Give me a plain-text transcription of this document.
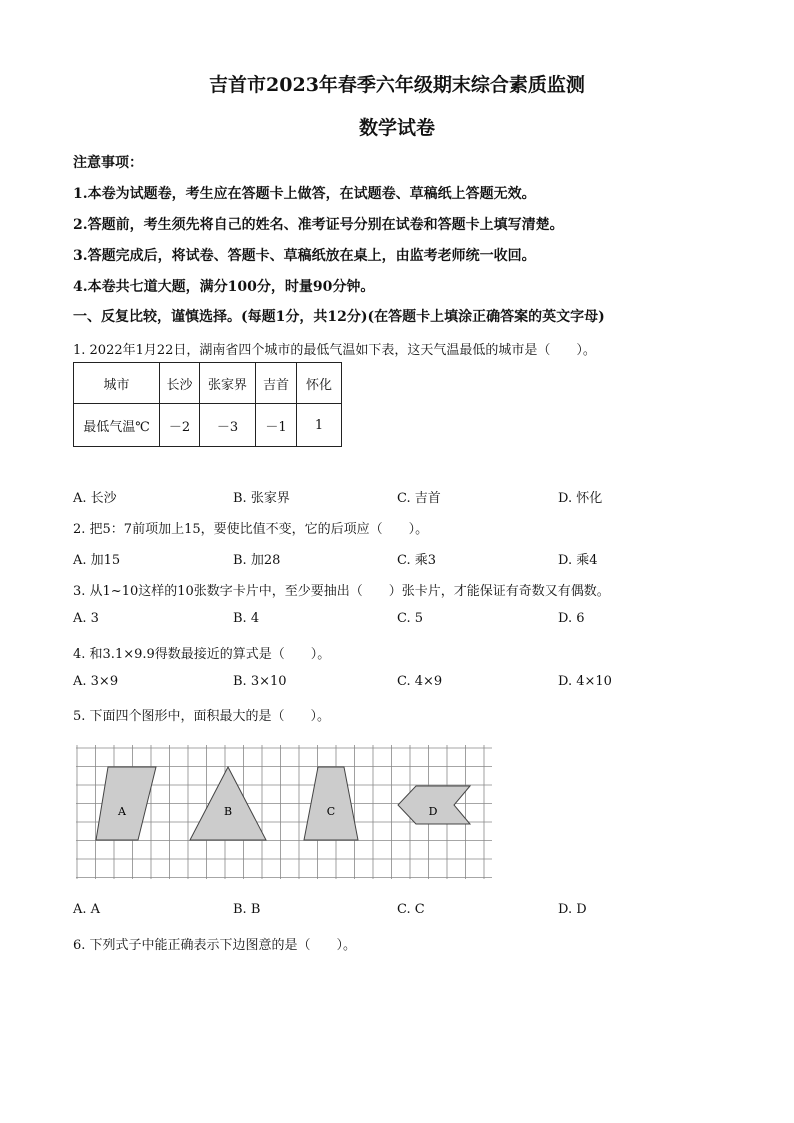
吉首市2023年春季六年级期末综合素质监测
数学试卷
注意事项：
1.本卷为试题卷，考生应在答题卡上做答，在试题卷、草稿纸上答题无效。
2.答题前，考生须先将自己的姓名、准考证号分别在试卷和答题卡上填写清楚。
3.答题完成后，将试卷、答题卡、草稿纸放在桌上，由监考老师统一收回。
4.本卷共七道大题，满分100分，时量90分钟。
一、反复比较，谨慎选择。(每题1分，共12分)(在答题卡上填涂正确答案的英文字母)
1. 2022年1月22日，湖南省四个城市的最低气温如下表，这天气温最低的城市是（　　）。
城市	长沙	张家界	吉首	怀化
最低气温℃	－2	－3	－1	1
A. 长沙	B. 张家界	C. 吉首	D. 怀化
2. 把5：7前项加上15，要使比值不变，它的后项应（　　）。
A. 加15	B. 加28	C. 乘3	D. 乘4
3. 从1~10这样的10张数字卡片中，至少要抽出（　　）张卡片，才能保证有奇数又有偶数。
A. 3	B. 4	C. 5	D. 6
4. 和3.1×9.9得数最接近的算式是（　　）。
A. 3×9	B. 3×10	C. 4×9	D. 4×10
5. 下面四个图形中，面积最大的是（　　）。
A	B	C	D
A. A	B. B	C. C	D. D
6. 下列式子中能正确表示下边图意的是（　　）。
